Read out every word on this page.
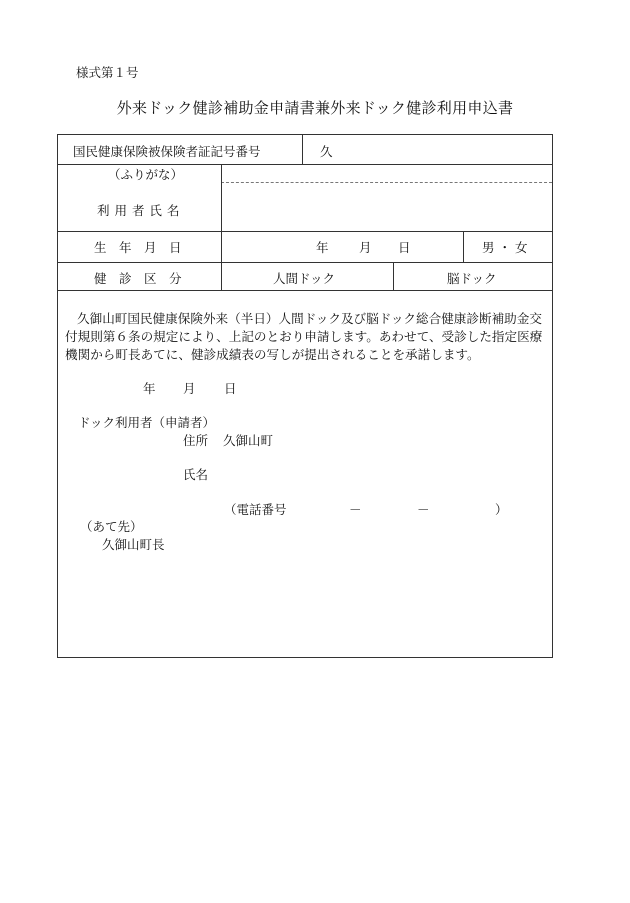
様式第１号
外来ドック健診補助金申請書兼外来ドック健診利用申込書
国民健康保険被保険者証記号番号	久
（ふりがな）
利 用 者 氏 名
生　年　月　日	年 月 日	男 ・ 女
健　診　区　分	人間ドック	脳ドック
久御山町国民健康保険外来（半日）人間ドック及び脳ドック総合健康診断補助金交付規則第６条の規定により、上記のとおり申請します。あわせて、受診した指定医療機関から町長あてに、健診成績表の写しが提出されることを承諾します。
年 月 日
ドック利用者（申請者）
住所 久御山町
氏名
（電話番号	－	－	）
（あて先）
久御山町長
